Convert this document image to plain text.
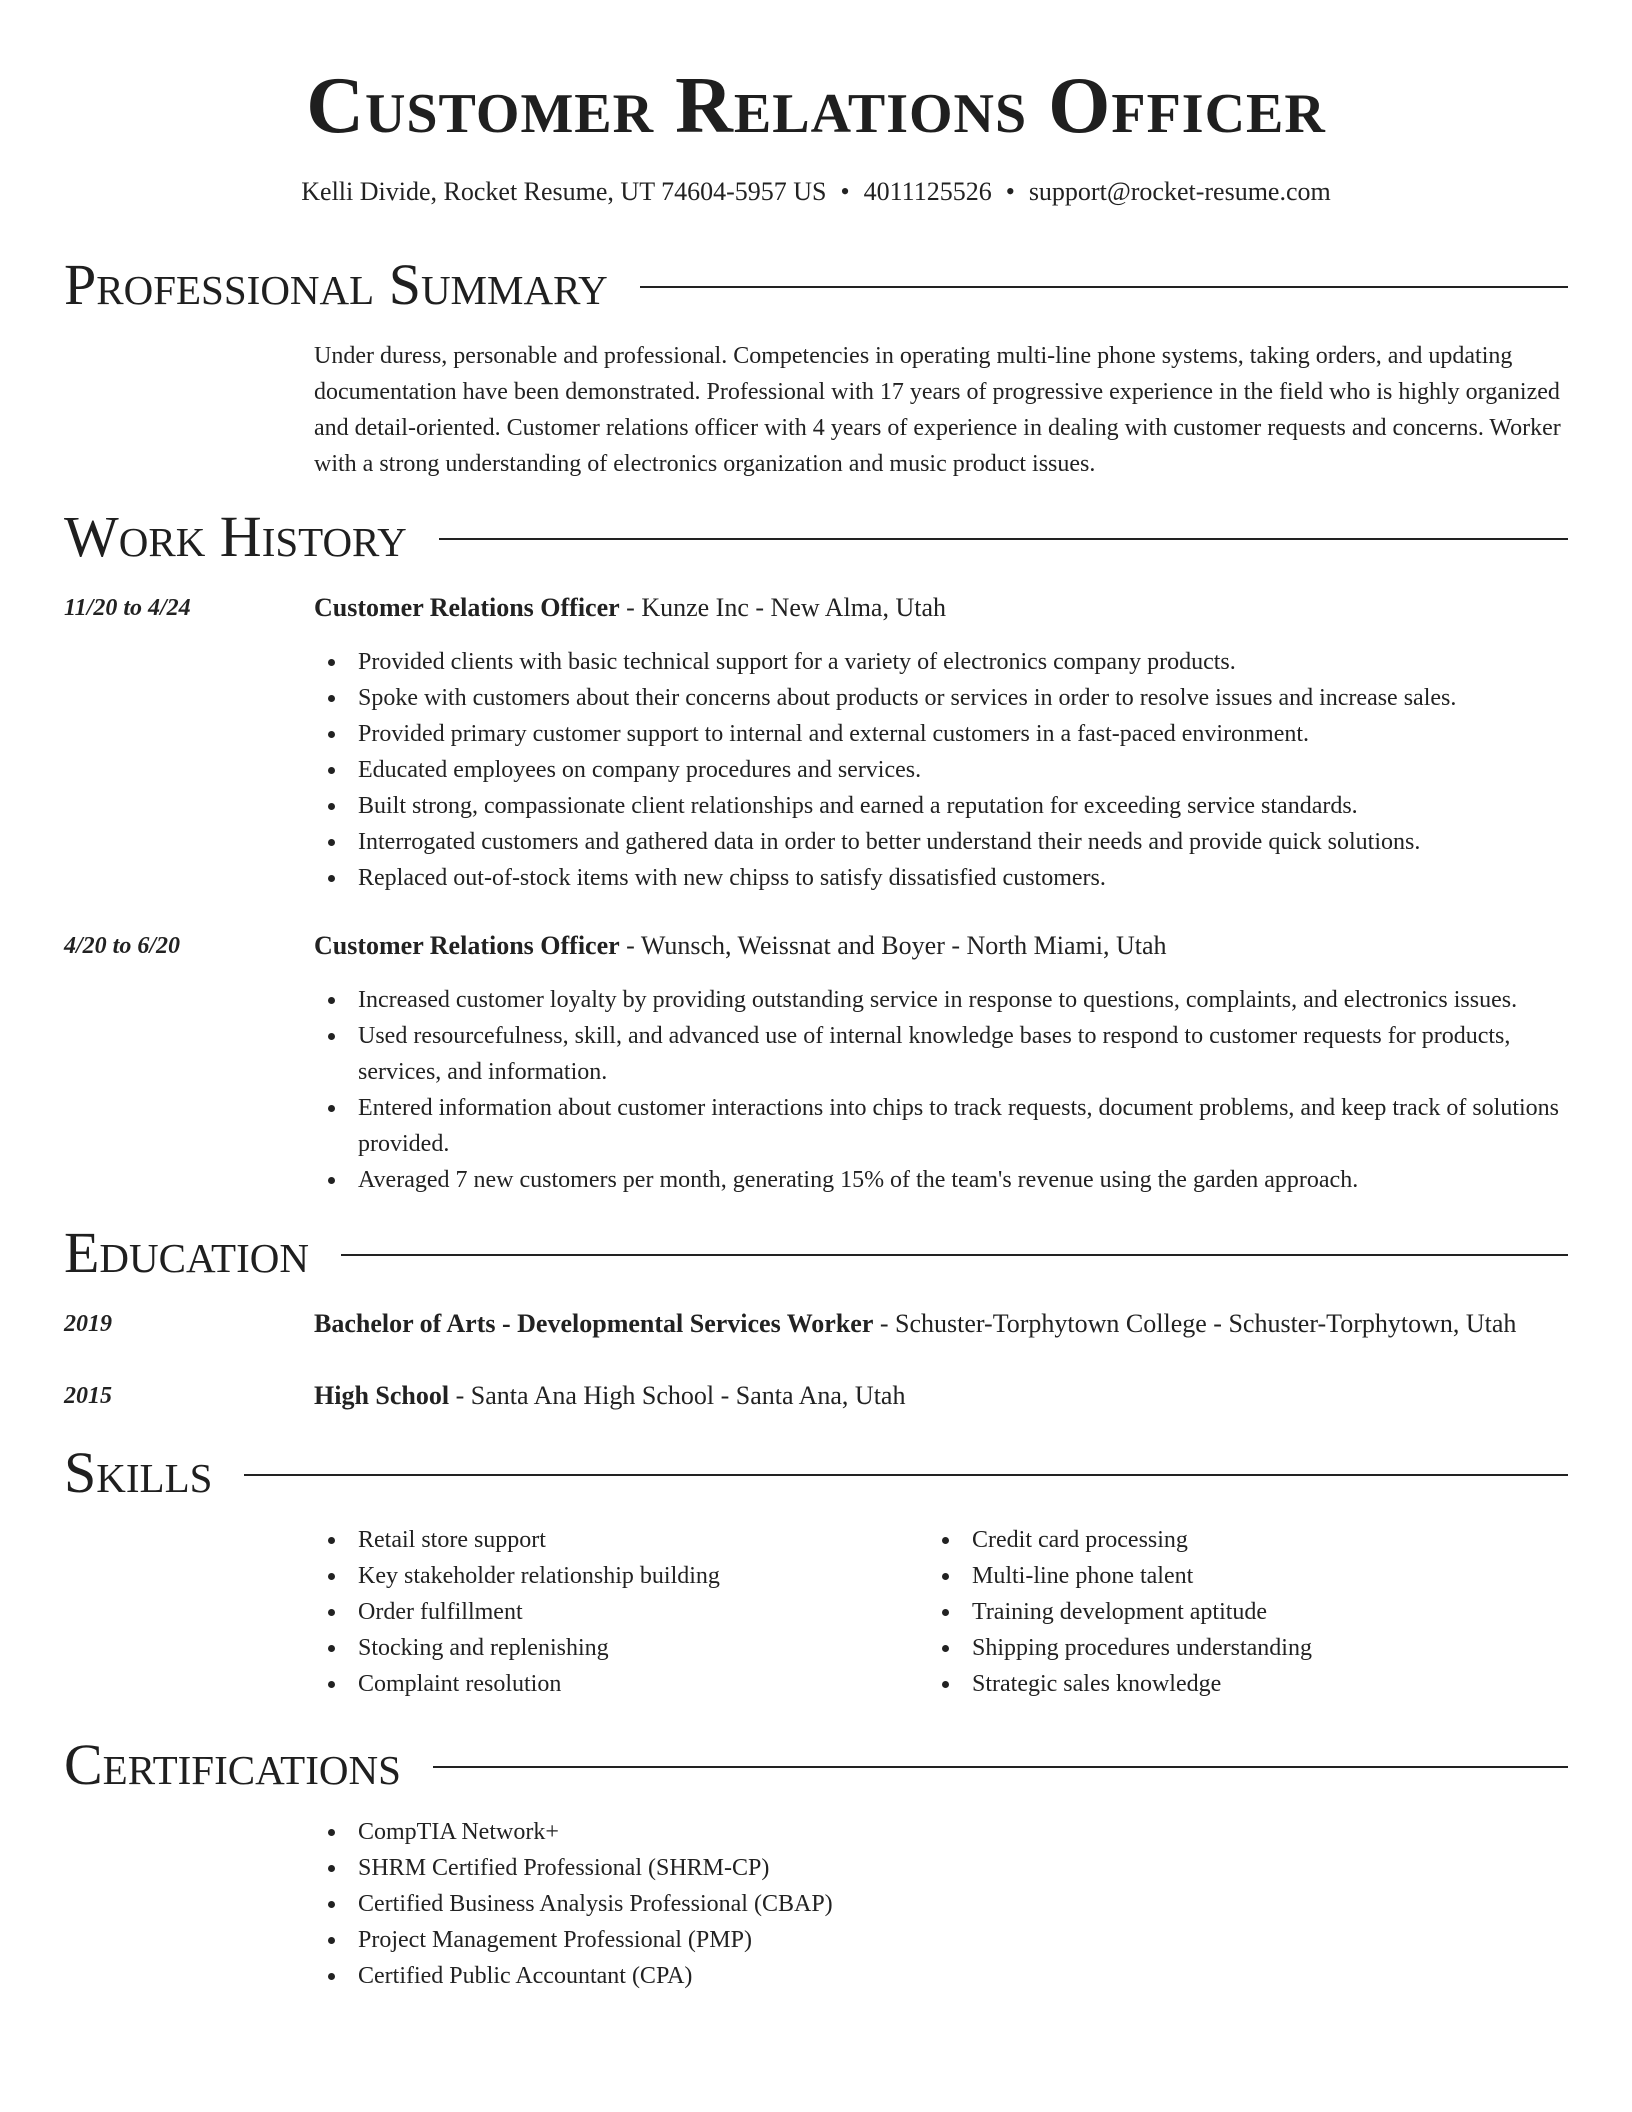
Customer Relations Officer
Kelli Divide, Rocket Resume, UT 74604-5957 US • 4011125526 • support@rocket-resume.com
Professional Summary

Under duress, personable and professional. Competencies in operating multi-line phone systems, taking orders, and updating documentation have been demonstrated. Professional with 17 years of progressive experience in the field who is highly organized and detail-oriented. Customer relations officer with 4 years of experience in dealing with customer requests and concerns. Worker with a strong understanding of electronics organization and music product issues.

Work History
11/20 to 4/24	Customer Relations Officer - Kunze Inc - New Alma, Utah
Provided clients with basic technical support for a variety of electronics company products.
Spoke with customers about their concerns about products or services in order to resolve issues and increase sales.
Provided primary customer support to internal and external customers in a fast-paced environment.
Educated employees on company procedures and services.
Built strong, compassionate client relationships and earned a reputation for exceeding service standards.
Interrogated customers and gathered data in order to better understand their needs and provide quick solutions.
Replaced out-of-stock items with new chipss to satisfy dissatisfied customers.
4/20 to 6/20	Customer Relations Officer - Wunsch, Weissnat and Boyer - North Miami, Utah
Increased customer loyalty by providing outstanding service in response to questions, complaints, and electronics issues.
Used resourcefulness, skill, and advanced use of internal knowledge bases to respond to customer requests for products, services, and information.
Entered information about customer interactions into chips to track requests, document problems, and keep track of solutions provided.
Averaged 7 new customers per month, generating 15% of the team's revenue using the garden approach.
Education
2019	Bachelor of Arts - Developmental Services Worker - Schuster-Torphytown College - Schuster-Torphytown, Utah
2015	High School - Santa Ana High School - Santa Ana, Utah
Skills
Retail store support
Key stakeholder relationship building
Order fulfillment
Stocking and replenishing
Complaint resolution
Credit card processing
Multi-line phone talent
Training development aptitude
Shipping procedures understanding
Strategic sales knowledge
Certifications
CompTIA Network+
SHRM Certified Professional (SHRM-CP)
Certified Business Analysis Professional (CBAP)
Project Management Professional (PMP)
Certified Public Accountant (CPA)
